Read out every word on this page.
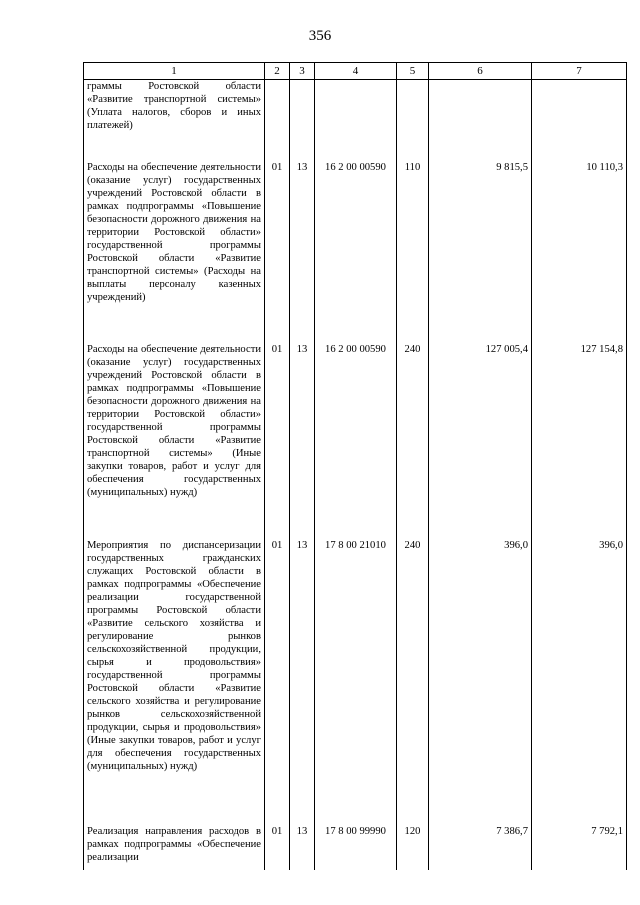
356
1	2	3	4	5	6	7
граммы Ростовской области «Развитие транспортной системы» (Уплата налогов, сборов и иных платежей)						
Расходы на обеспечение деятельности (оказание услуг) государственных учреждений Ростовской области в рамках подпрограммы «Повышение безопасности дорожного движения на территории Ростовской области» государственной программы Ростовской области «Развитие транспортной системы» (Расходы на выплаты персоналу казенных учреждений)	01	13	16 2 00 00590	110	9 815,5	10 110,3
Расходы на обеспечение деятельности (оказание услуг) государственных учреждений Ростовской области в рамках подпрограммы «Повышение безопасности дорожного движения на территории Ростовской области» государственной программы Ростовской области «Развитие транспортной системы» (Иные закупки товаров, работ и услуг для обеспечения государственных (муниципальных) нужд)	01	13	16 2 00 00590	240	127 005,4	127 154,8
Мероприятия по диспансеризации государственных гражданских служащих Ростовской области в рамках подпрограммы «Обеспечение реализации государственной программы Ростовской области «Развитие сельского хозяйства и регулирование рынков сельскохозяйственной продукции, сырья и продовольствия» государственной программы Ростовской области «Развитие сельского хозяйства и регулирование рынков сельскохозяйственной продукции, сырья и продовольствия» (Иные закупки товаров, работ и услуг для обеспечения государственных (муниципальных) нужд)	01	13	17 8 00 21010	240	396,0	396,0
Реализация направления расходов в рамках подпрограммы «Обеспечение реализации	01	13	17 8 00 99990	120	7 386,7	7 792,1
